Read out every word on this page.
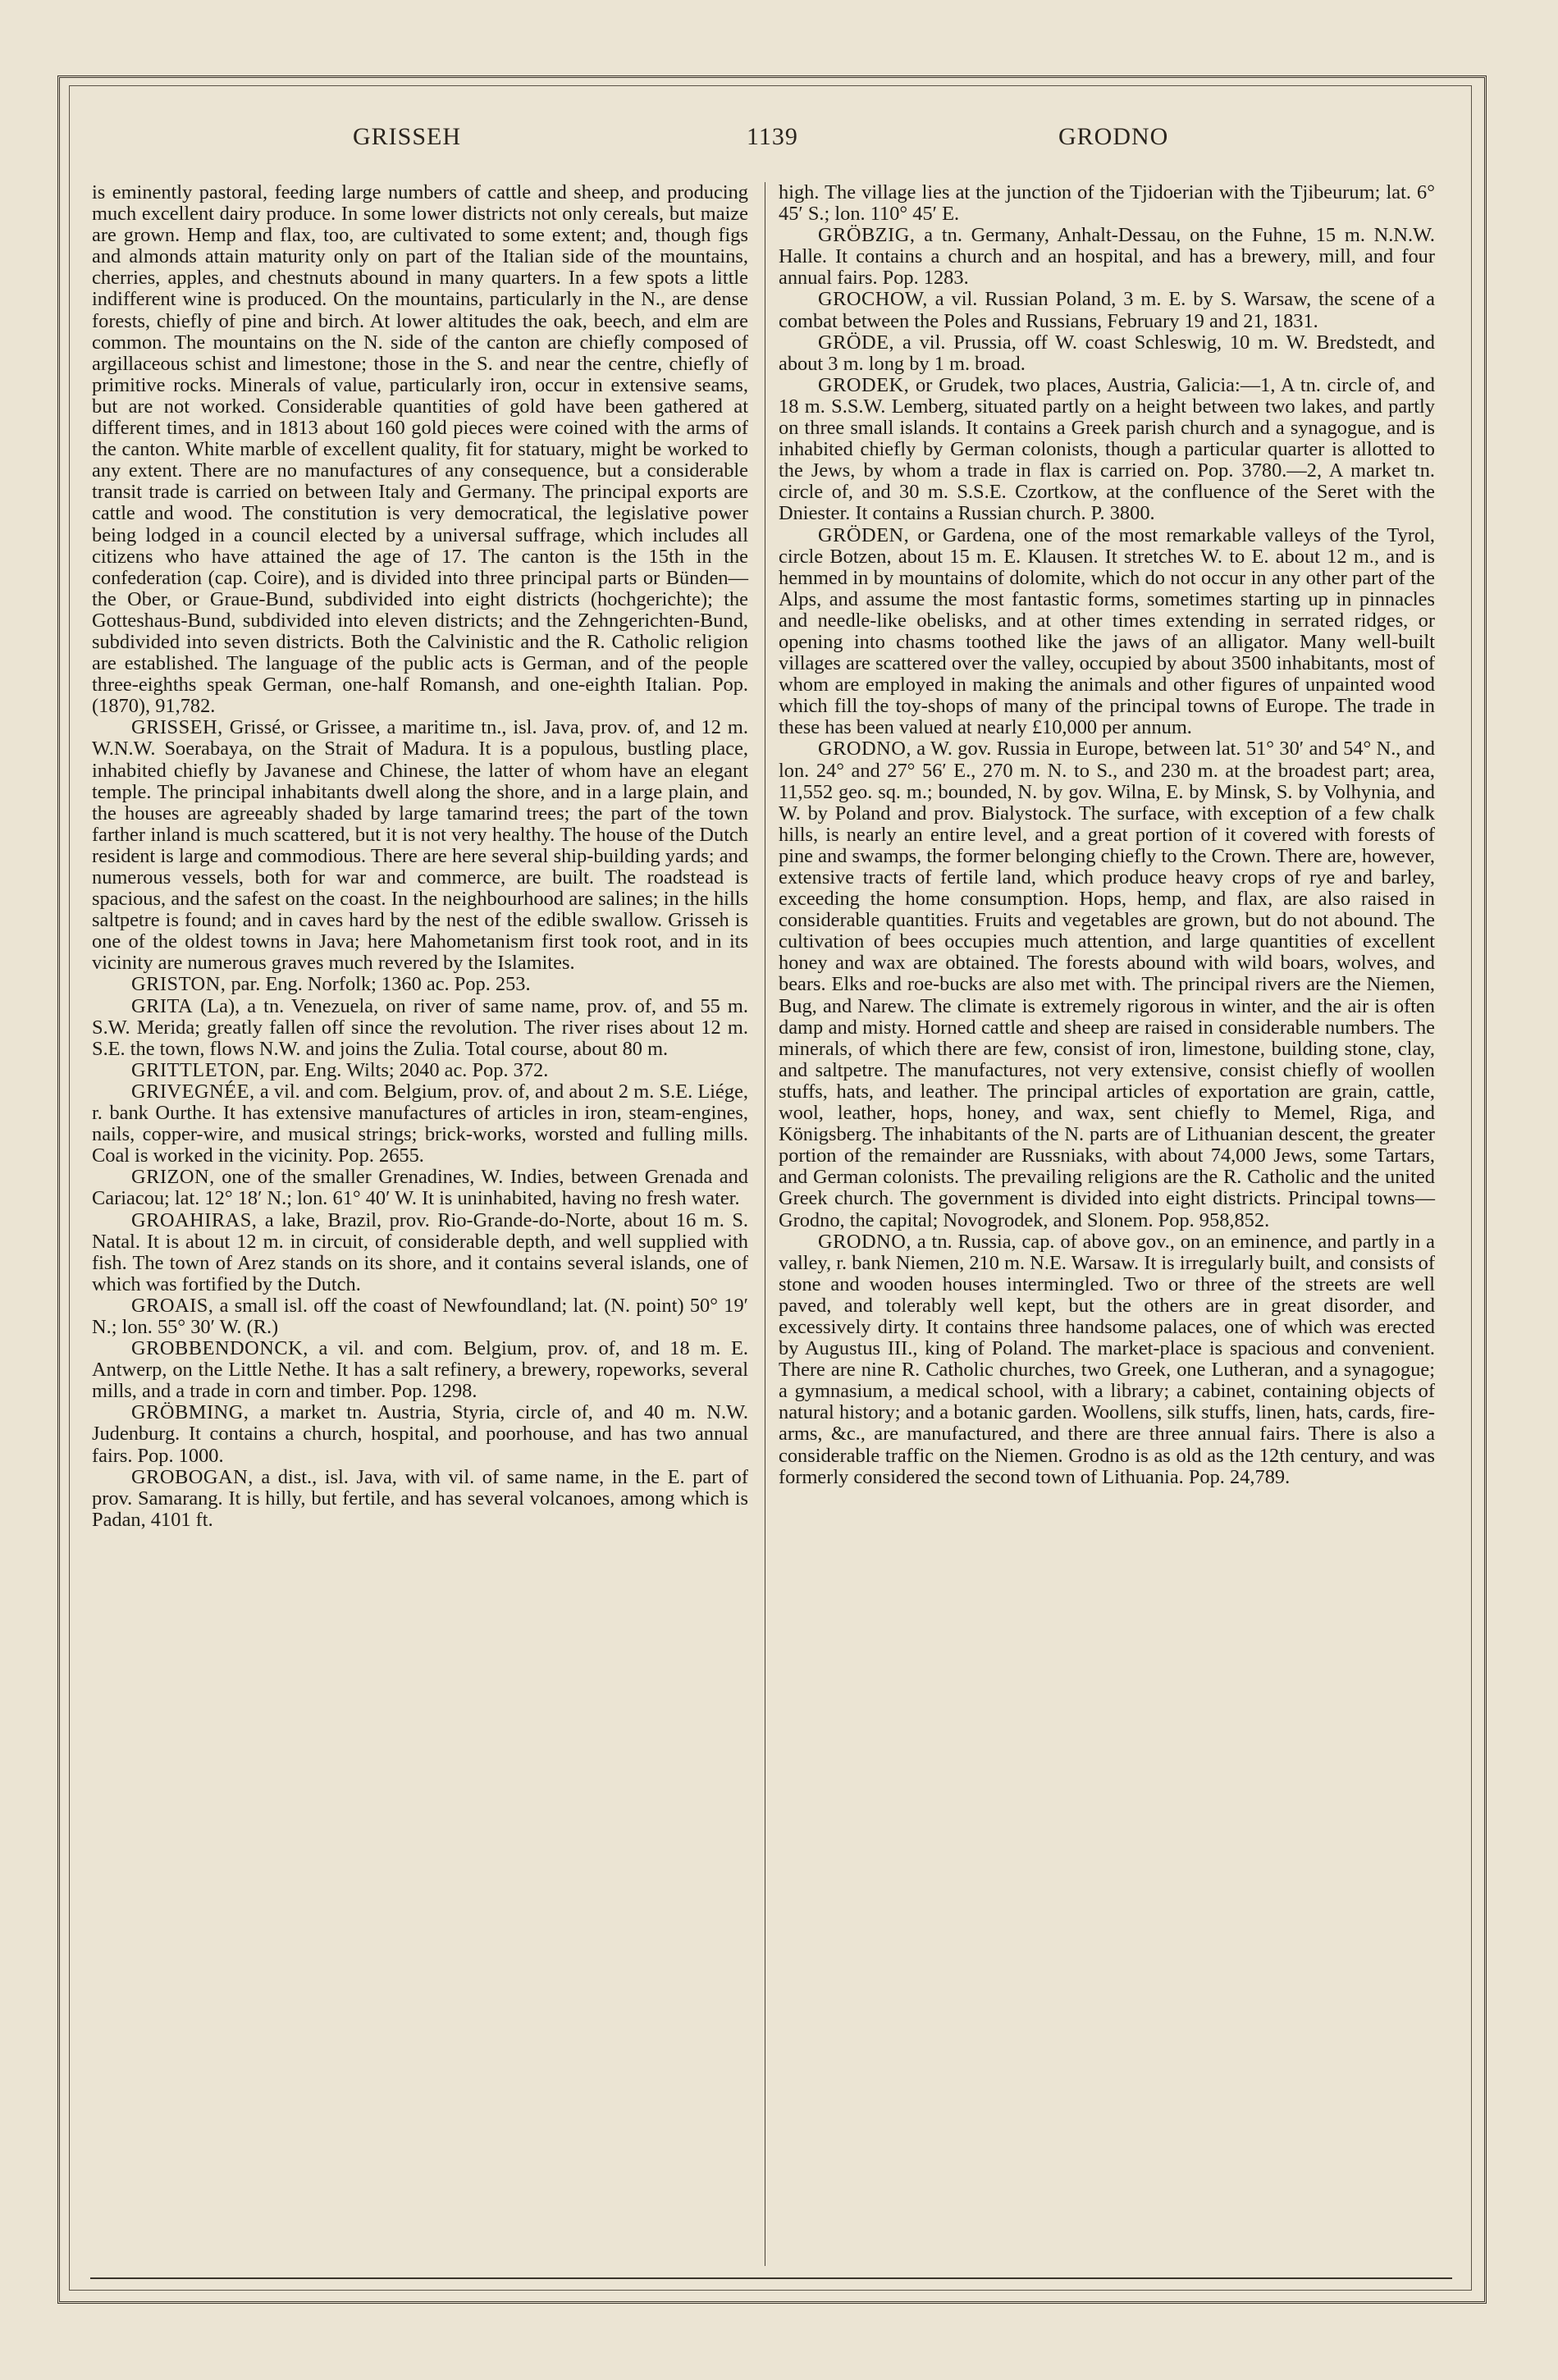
GRISSEH	1139	GRODNO

is eminently pastoral, feeding large numbers of cattle and sheep, and producing much excellent dairy produce. In some lower districts not only cereals, but maize are grown. Hemp and flax, too, are cultivated to some extent; and, though figs and almonds attain maturity only on part of the Italian side of the mountains, cherries, apples, and chestnuts abound in many quarters. In a few spots a little indifferent wine is produced. On the mountains, particularly in the N., are dense forests, chiefly of pine and birch. At lower altitudes the oak, beech, and elm are common. The mountains on the N. side of the canton are chiefly composed of argillaceous schist and limestone; those in the S. and near the centre, chiefly of primitive rocks. Minerals of value, particularly iron, occur in extensive seams, but are not worked. Considerable quantities of gold have been gathered at different times, and in 1813 about 160 gold pieces were coined with the arms of the canton. White marble of excellent quality, fit for statuary, might be worked to any extent. There are no manufactures of any consequence, but a considerable transit trade is carried on between Italy and Germany. The principal exports are cattle and wood. The constitution is very democratical, the legislative power being lodged in a council elected by a universal suffrage, which includes all citizens who have attained the age of 17. The canton is the 15th in the confederation (cap. Coire), and is divided into three principal parts or Bünden—the Ober, or Graue-Bund, subdivided into eight districts (hochgerichte); the Gotteshaus-Bund, subdivided into eleven districts; and the Zehngerichten-Bund, subdivided into seven districts. Both the Calvinistic and the R. Catholic religion are established. The language of the public acts is German, and of the people three-eighths speak German, one-half Romansh, and one-eighth Italian. Pop. (1870), 91,782.

GRISSEH, Grissé, or Grissee, a maritime tn., isl. Java, prov. of, and 12 m. W.N.W. Soerabaya, on the Strait of Madura. It is a populous, bustling place, inhabited chiefly by Javanese and Chinese, the latter of whom have an elegant temple. The principal inhabitants dwell along the shore, and in a large plain, and the houses are agreeably shaded by large tamarind trees; the part of the town farther inland is much scattered, but it is not very healthy. The house of the Dutch resident is large and commodious. There are here several ship-building yards; and numerous vessels, both for war and commerce, are built. The roadstead is spacious, and the safest on the coast. In the neighbourhood are salines; in the hills saltpetre is found; and in caves hard by the nest of the edible swallow. Grisseh is one of the oldest towns in Java; here Mahometanism first took root, and in its vicinity are numerous graves much revered by the Islamites.

GRISTON, par. Eng. Norfolk; 1360 ac. Pop. 253.

GRITA (La), a tn. Venezuela, on river of same name, prov. of, and 55 m. S.W. Merida; greatly fallen off since the revolution. The river rises about 12 m. S.E. the town, flows N.W. and joins the Zulia. Total course, about 80 m.

GRITTLETON, par. Eng. Wilts; 2040 ac. Pop. 372.

GRIVEGNÉE, a vil. and com. Belgium, prov. of, and about 2 m. S.E. Liége, r. bank Ourthe. It has extensive manufactures of articles in iron, steam-engines, nails, copper-wire, and musical strings; brick-works, worsted and fulling mills. Coal is worked in the vicinity. Pop. 2655.

GRIZON, one of the smaller Grenadines, W. Indies, between Grenada and Cariacou; lat. 12° 18′ N.; lon. 61° 40′ W. It is uninhabited, having no fresh water.

GROAHIRAS, a lake, Brazil, prov. Rio-Grande-do-Norte, about 16 m. S. Natal. It is about 12 m. in circuit, of considerable depth, and well supplied with fish. The town of Arez stands on its shore, and it contains several islands, one of which was fortified by the Dutch.

GROAIS, a small isl. off the coast of Newfoundland; lat. (N. point) 50° 19′ N.; lon. 55° 30′ W. (R.)

GROBBENDONCK, a vil. and com. Belgium, prov. of, and 18 m. E. Antwerp, on the Little Nethe. It has a salt refinery, a brewery, ropeworks, several mills, and a trade in corn and timber. Pop. 1298.

GRÖBMING, a market tn. Austria, Styria, circle of, and 40 m. N.W. Judenburg. It contains a church, hospital, and poorhouse, and has two annual fairs. Pop. 1000.

GROBOGAN, a dist., isl. Java, with vil. of same name, in the E. part of prov. Samarang. It is hilly, but fertile, and has several volcanoes, among which is Padan, 4101 ft.

high. The village lies at the junction of the Tjidoerian with the Tjibeurum; lat. 6° 45′ S.; lon. 110° 45′ E.

GRÖBZIG, a tn. Germany, Anhalt-Dessau, on the Fuhne, 15 m. N.N.W. Halle. It contains a church and an hospital, and has a brewery, mill, and four annual fairs. Pop. 1283.

GROCHOW, a vil. Russian Poland, 3 m. E. by S. Warsaw, the scene of a combat between the Poles and Russians, February 19 and 21, 1831.

GRÖDE, a vil. Prussia, off W. coast Schleswig, 10 m. W. Bredstedt, and about 3 m. long by 1 m. broad.

GRODEK, or Grudek, two places, Austria, Galicia:—1, A tn. circle of, and 18 m. S.S.W. Lemberg, situated partly on a height between two lakes, and partly on three small islands. It contains a Greek parish church and a synagogue, and is inhabited chiefly by German colonists, though a particular quarter is allotted to the Jews, by whom a trade in flax is carried on. Pop. 3780.—2, A market tn. circle of, and 30 m. S.S.E. Czortkow, at the confluence of the Seret with the Dniester. It contains a Russian church. P. 3800.

GRÖDEN, or Gardena, one of the most remarkable valleys of the Tyrol, circle Botzen, about 15 m. E. Klausen. It stretches W. to E. about 12 m., and is hemmed in by mountains of dolomite, which do not occur in any other part of the Alps, and assume the most fantastic forms, sometimes starting up in pinnacles and needle-like obelisks, and at other times extending in serrated ridges, or opening into chasms toothed like the jaws of an alligator. Many well-built villages are scattered over the valley, occupied by about 3500 inhabitants, most of whom are employed in making the animals and other figures of unpainted wood which fill the toy-shops of many of the principal towns of Europe. The trade in these has been valued at nearly £10,000 per annum.

GRODNO, a W. gov. Russia in Europe, between lat. 51° 30′ and 54° N., and lon. 24° and 27° 56′ E., 270 m. N. to S., and 230 m. at the broadest part; area, 11,552 geo. sq. m.; bounded, N. by gov. Wilna, E. by Minsk, S. by Volhynia, and W. by Poland and prov. Bialystock. The surface, with exception of a few chalk hills, is nearly an entire level, and a great portion of it covered with forests of pine and swamps, the former belonging chiefly to the Crown. There are, however, extensive tracts of fertile land, which produce heavy crops of rye and barley, exceeding the home consumption. Hops, hemp, and flax, are also raised in considerable quantities. Fruits and vegetables are grown, but do not abound. The cultivation of bees occupies much attention, and large quantities of excellent honey and wax are obtained. The forests abound with wild boars, wolves, and bears. Elks and roe-bucks are also met with. The principal rivers are the Niemen, Bug, and Narew. The climate is extremely rigorous in winter, and the air is often damp and misty. Horned cattle and sheep are raised in considerable numbers. The minerals, of which there are few, consist of iron, limestone, building stone, clay, and saltpetre. The manufactures, not very extensive, consist chiefly of woollen stuffs, hats, and leather. The principal articles of exportation are grain, cattle, wool, leather, hops, honey, and wax, sent chiefly to Memel, Riga, and Königsberg. The inhabitants of the N. parts are of Lithuanian descent, the greater portion of the remainder are Russniaks, with about 74,000 Jews, some Tartars, and German colonists. The prevailing religions are the R. Catholic and the united Greek church. The government is divided into eight districts. Principal towns—Grodno, the capital; Novogrodek, and Slonem. Pop. 958,852.

GRODNO, a tn. Russia, cap. of above gov., on an eminence, and partly in a valley, r. bank Niemen, 210 m. N.E. Warsaw. It is irregularly built, and consists of stone and wooden houses intermingled. Two or three of the streets are well paved, and tolerably well kept, but the others are in great disorder, and excessively dirty. It contains three handsome palaces, one of which was erected by Augustus III., king of Poland. The market-place is spacious and convenient. There are nine R. Catholic churches, two Greek, one Lutheran, and a synagogue; a gymnasium, a medical school, with a library; a cabinet, containing objects of natural history; and a botanic garden. Woollens, silk stuffs, linen, hats, cards, fire-arms, &c., are manufactured, and there are three annual fairs. There is also a considerable traffic on the Niemen. Grodno is as old as the 12th century, and was formerly considered the second town of Lithuania. Pop. 24,789.
